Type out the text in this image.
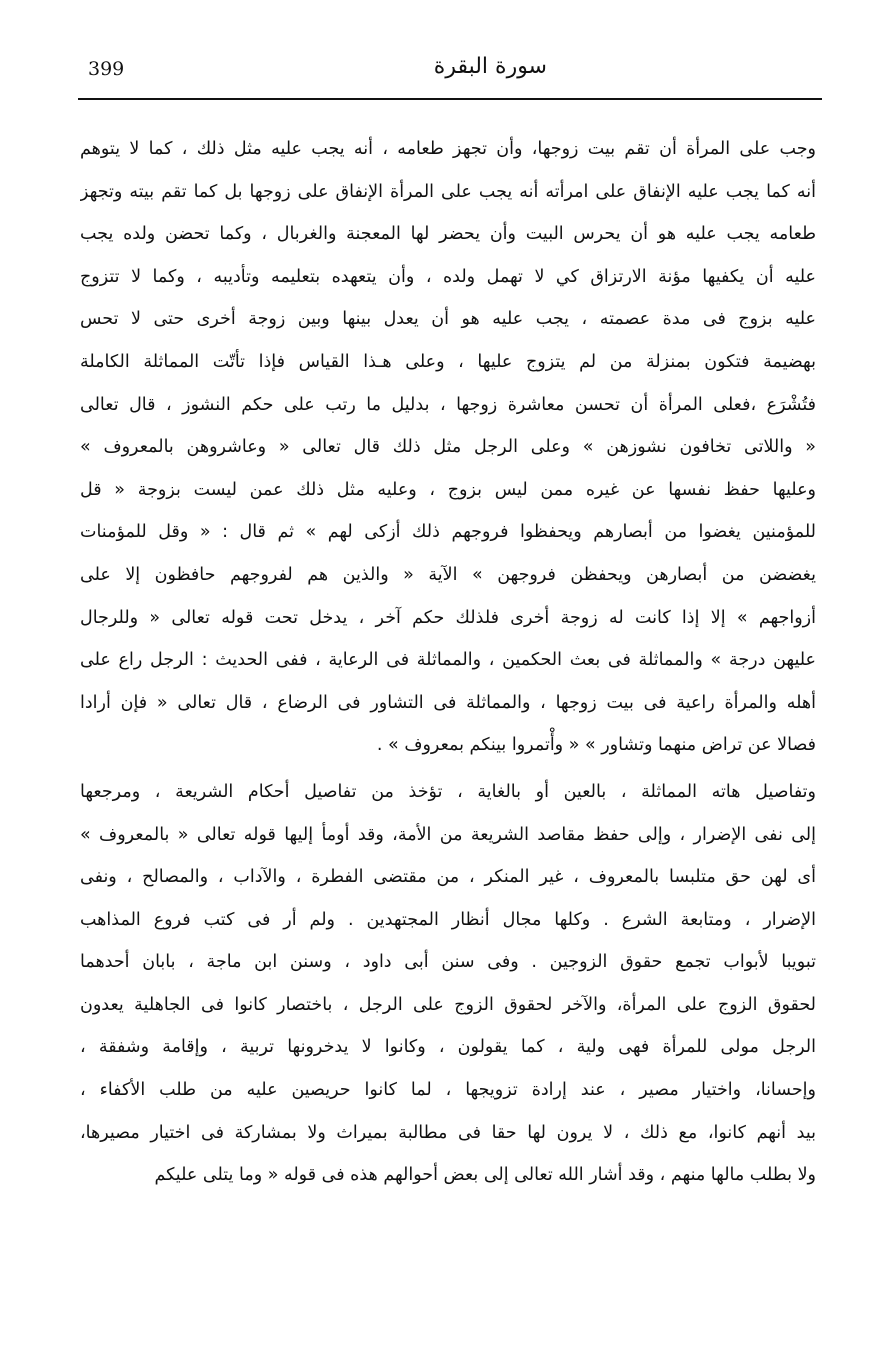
399	سورة البقرة
وجب على المرأة أن تقم بيت زوجها، وأن تجهز طعامه ، أنه يجب عليه مثل ذلك ، كما لا يتوهم
أنه كما يجب عليه الإنفاق على امرأته أنه يجب على المرأة الإنفاق على زوجها بل كما تقم بيته وتجهز
طعامه يجب عليه هو أن يحرس البيت وأن يحضر لها المعجنة والغربال ، وكما تحضن ولده يجب
عليه أن يكفيها مؤنة الارتزاق كي لا تهمل ولده ، وأن يتعهده بتعليمه وتأديبه ، وكما لا تتزوج
عليه بزوج فى مدة عصمته ، يجب عليه هو أن يعدل بينها وبين زوجة أخرى حتى لا تحس
بهضيمة فتكون بمنزلة من لم يتزوج عليها ، وعلى هـذا القياس فإذا تأتّت المماثلة الكاملة
فتُشْرَع ،فعلى المرأة أن تحسن معاشرة زوجها ، بدليل ما رتب على حكم النشوز ، قال تعالى
« واللاتى تخافون نشوزهن » وعلى الرجل مثل ذلك قال تعالى « وعاشروهن بالمعروف »
وعليها حفظ نفسها عن غيره ممن ليس بزوج ، وعليه مثل ذلك عمن ليست بزوجة « قل
للمؤمنين يغضوا من أبصارهم ويحفظوا فروجهم ذلك أزكى لهم » ثم قال : « وقل للمؤمنات
يغضضن من أبصارهن ويحفظن فروجهن » الآية « والذين هم لفروجهم حافظون إلا على
أزواجهم » إلا إذا كانت له زوجة أخرى فلذلك حكم آخر ، يدخل تحت قوله تعالى « وللرجال
عليهن درجة » والمماثلة فى بعث الحكمين ، والمماثلة فى الرعاية ، ففى الحديث : الرجل راع على
أهله والمرأة راعية فى بيت زوجها ، والمماثلة فى التشاور فى الرضاع ، قال تعالى « فإن أرادا
فصالا عن تراض منهما وتشاور » « وأْتمروا بينكم بمعروف » .
وتفاصيل هاته المماثلة ، بالعين أو بالغاية ، تؤخذ من تفاصيل أحكام الشريعة ، ومرجعها
إلى نفى الإضرار ، وإلى حفظ مقاصد الشريعة من الأمة، وقد أومأ إليها قوله تعالى « بالمعروف »
أى لهن حق متلبسا بالمعروف ، غير المنكر ، من مقتضى الفطرة ، والآداب ، والمصالح ، ونفى
الإضرار ، ومتابعة الشرع . وكلها مجال أنظار المجتهدين . ولم أر فى كتب فروع المذاهب
تبويبا لأبواب تجمع حقوق الزوجين . وفى سنن أبى داود ، وسنن ابن ماجة ، بابان أحدهما
لحقوق الزوج على المرأة، والآخر لحقوق الزوج على الرجل ، باختصار كانوا فى الجاهلية يعدون
الرجل مولى للمرأة فهى ولية ، كما يقولون ، وكانوا لا يدخرونها تربية ، وإقامة وشفقة ،
وإحسانا، واختيار مصير ، عند إرادة تزويجها ، لما كانوا حريصين عليه من طلب الأكفاء ،
بيد أنهم كانوا، مع ذلك ، لا يرون لها حقا فى مطالبة بميراث ولا بمشاركة فى اختيار مصيرها،
ولا بطلب مالها منهم ، وقد أشار الله تعالى إلى بعض أحوالهم هذه فى قوله « وما يتلى عليكم
